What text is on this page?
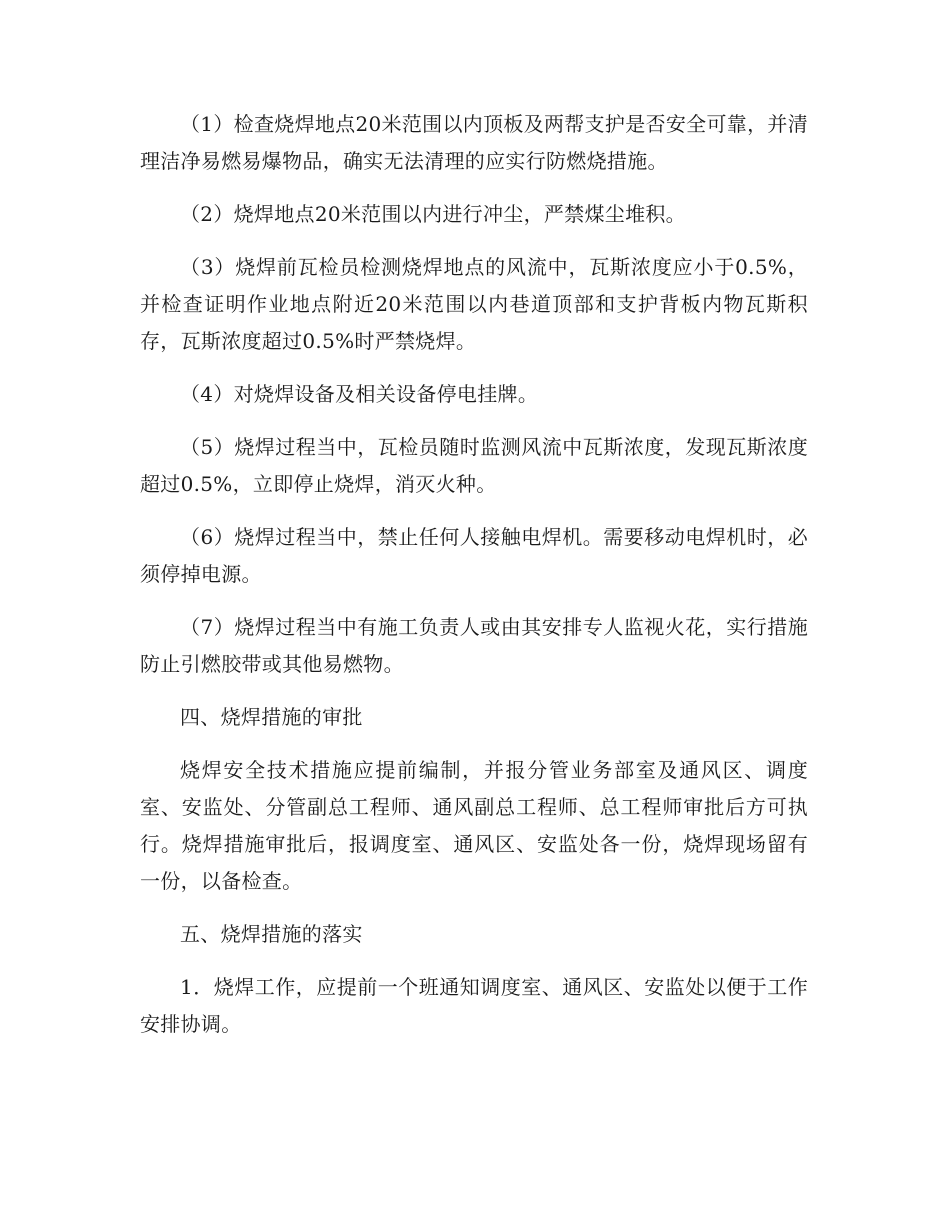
（1）检查烧焊地点20米范围以内顶板及两帮支护是否安全可靠，并清理洁净易燃易爆物品，确实无法清理的应实行防燃烧措施。

（2）烧焊地点20米范围以内进行冲尘，严禁煤尘堆积。

（3）烧焊前瓦检员检测烧焊地点的风流中，瓦斯浓度应小于0.5%，并检查证明作业地点附近20米范围以内巷道顶部和支护背板内物瓦斯积存，瓦斯浓度超过0.5%时严禁烧焊。

（4）对烧焊设备及相关设备停电挂牌。

（5）烧焊过程当中，瓦检员随时监测风流中瓦斯浓度，发现瓦斯浓度超过0.5%，立即停止烧焊，消灭火种。

（6）烧焊过程当中，禁止任何人接触电焊机。需要移动电焊机时，必须停掉电源。

（7）烧焊过程当中有施工负责人或由其安排专人监视火花，实行措施防止引燃胶带或其他易燃物。

四、烧焊措施的审批

烧焊安全技术措施应提前编制，并报分管业务部室及通风区、调度室、安监处、分管副总工程师、通风副总工程师、总工程师审批后方可执行。烧焊措施审批后，报调度室、通风区、安监处各一份，烧焊现场留有一份，以备检查。

五、烧焊措施的落实

1．烧焊工作，应提前一个班通知调度室、通风区、安监处以便于工作安排协调。
